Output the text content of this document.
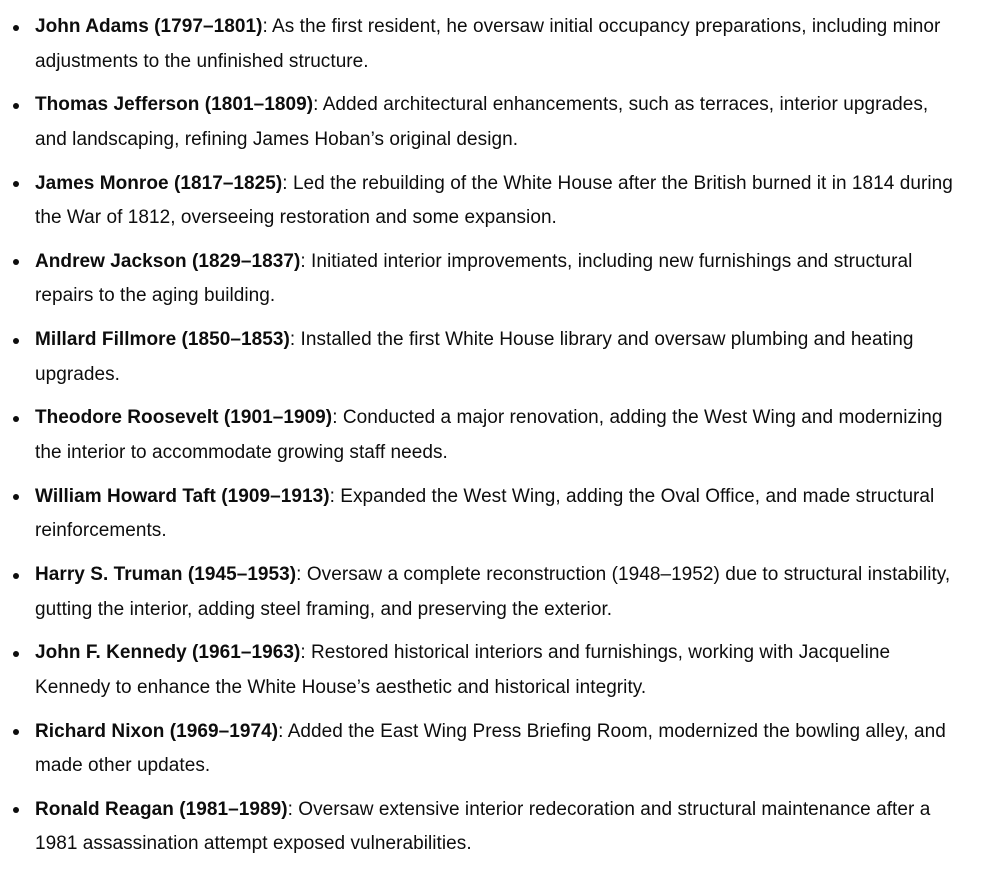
John Adams (1797–1801): As the first resident, he oversaw initial occupancy preparations, including minor adjustments to the unfinished structure.
Thomas Jefferson (1801–1809): Added architectural enhancements, such as terraces, interior upgrades, and landscaping, refining James Hoban’s original design.
James Monroe (1817–1825): Led the rebuilding of the White House after the British burned it in 1814 during the War of 1812, overseeing restoration and some expansion.
Andrew Jackson (1829–1837): Initiated interior improvements, including new furnishings and structural repairs to the aging building.
Millard Fillmore (1850–1853): Installed the first White House library and oversaw plumbing and heating upgrades.
Theodore Roosevelt (1901–1909): Conducted a major renovation, adding the West Wing and modernizing the interior to accommodate growing staff needs.
William Howard Taft (1909–1913): Expanded the West Wing, adding the Oval Office, and made structural reinforcements.
Harry S. Truman (1945–1953): Oversaw a complete reconstruction (1948–1952) due to structural instability, gutting the interior, adding steel framing, and preserving the exterior.
John F. Kennedy (1961–1963): Restored historical interiors and furnishings, working with Jacqueline Kennedy to enhance the White House’s aesthetic and historical integrity.
Richard Nixon (1969–1974): Added the East Wing Press Briefing Room, modernized the bowling alley, and made other updates.
Ronald Reagan (1981–1989): Oversaw extensive interior redecoration and structural maintenance after a 1981 assassination attempt exposed vulnerabilities.
